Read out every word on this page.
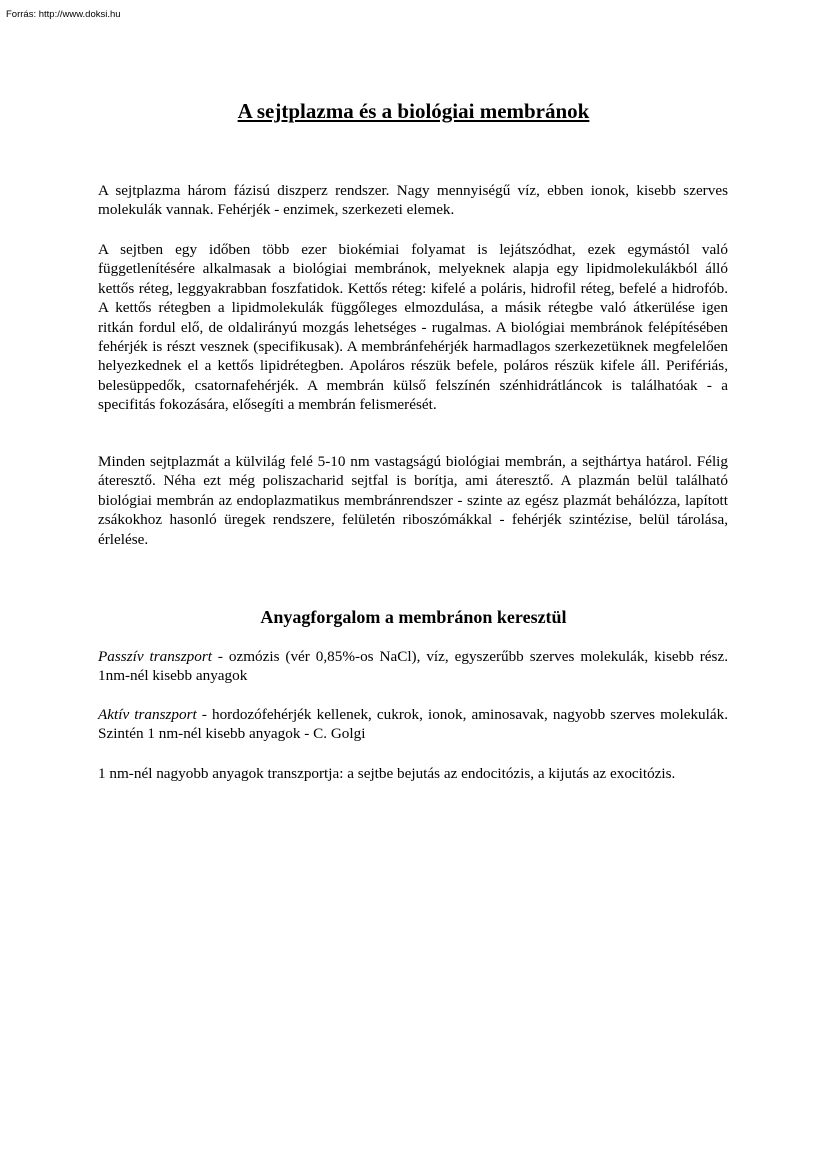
Forrás: http://www.doksi.hu
A sejtplazma és a biológiai membránok

A sejtplazma három fázisú diszperz rendszer. Nagy mennyiségű víz, ebben ionok, kisebb szerves molekulák vannak. Fehérjék - enzimek, szerkezeti elemek.

A sejtben egy időben több ezer biokémiai folyamat is lejátszódhat, ezek egymástól való függetlenítésére alkalmasak a biológiai membránok, melyeknek alapja egy lipidmolekulákból álló kettős réteg, leggyakrabban foszfatidok. Kettős réteg: kifelé a poláris, hidrofil réteg, befelé a hidrofób. A kettős rétegben a lipidmolekulák függőleges elmozdulása, a másik rétegbe való átkerülése igen ritkán fordul elő, de oldalirányú mozgás lehetséges - rugalmas. A biológiai membránok felépítésében fehérjék is részt vesznek (specifikusak). A membránfehérjék harmadlagos szerkezetüknek megfelelően helyezkednek el a kettős lipidrétegben. Apoláros részük befele, poláros részük kifele áll. Perifériás, belesüppedők, csatornafehérjék. A membrán külső felszínén szénhidrátláncok is találhatóak - a specifitás fokozására, elősegíti a membrán felismerését.

Minden sejtplazmát a külvilág felé 5-10 nm vastagságú biológiai membrán, a sejthártya határol. Félig áteresztő. Néha ezt még poliszacharid sejtfal is borítja, ami áteresztő. A plazmán belül található biológiai membrán az endoplazmatikus membránrendszer - szinte az egész plazmát behálózza, lapított zsákokhoz hasonló üregek rendszere, felületén riboszómákkal - fehérjék szintézise, belül tárolása, érlelése.

Anyagforgalom a membránon keresztül

Passzív transzport - ozmózis (vér 0,85%-os NaCl), víz, egyszerűbb szerves molekulák, kisebb rész. 1nm-nél kisebb anyagok

Aktív transzport - hordozófehérjék kellenek, cukrok, ionok, aminosavak, nagyobb szerves molekulák. Szintén 1 nm-nél kisebb anyagok - C. Golgi

1 nm-nél nagyobb anyagok transzportja: a sejtbe bejutás az endocitózis, a kijutás az exocitózis.
